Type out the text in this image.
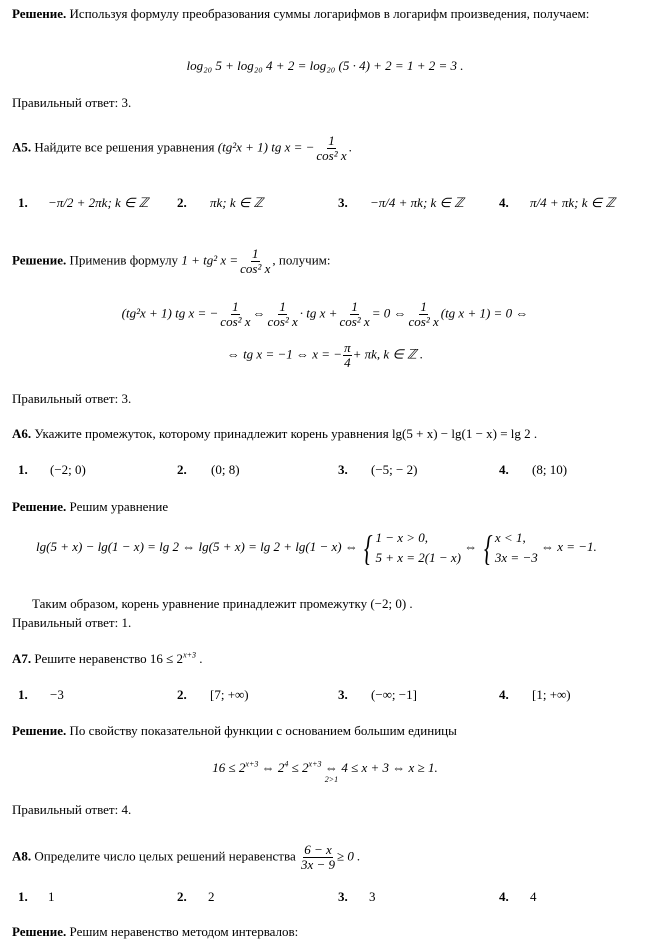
Решение. Используя формулу преобразования суммы логарифмов в логарифм произведения, получаем:
log₂₀ 5 + log₂₀ 4 + 2 = log₂₀ (5 · 4) + 2 = 1 + 2 = 3 .
Правильный ответ: 3.
А5. Найдите все решения уравнения (tg²x + 1) tg x = − $\frac{1}{\text{cos² x}}$ .
1. −π/2 + 2πk; k ∈ ℤ 2. πk; k ∈ ℤ	3. −π/4 + πk; k ∈ ℤ	4. π/4 + πk; k ∈ ℤ
Решение. Применив формулу 1 + tg² $x = \frac{1}{\text{cos² x}}$ , получим:
(tg²x + 1) tg x = − $\frac{1}{\text{cos² x}}$ ⇔ $\frac{1}{\text{cos² x}}$ · tg $x + \frac{1}{\text{cos² x}} = 0$ ⇔ $\frac{1}{\text{cos² x}} (tg$ x + 1) = 0 ⇔
⇔ tg x = −1 ⇔ x = − $\frac{\pi}{4} + \pi k$, k ∈ ℤ .
Правильный ответ: 3.
А6. Укажите промежуток, которому принадлежит корень уравнения lg(5 + x) − lg(1 − x) = lg 2 .
1. (−2; 0)	2. (0; 8)	3. (−5; − 2)	4. (8; 10)
Решение. Решим уравнение
lg(5 + x) − lg(1 − x) = lg 2 ⇔ lg(5 + x) = lg 2 + lg(1 − x) ⇔ { 1 − x > 0,
5 + x = 2(1 − x)
⇔ { x < 1,
3x = −3
⇔ x = −1.
Таким образом, корень уравнение принадлежит промежутку (−2; 0) .
Правильный ответ: 1.
А7. Решите неравенство $16 \le 2^{x+3}$ .
1. −3	2. [7; +∞)	3. (−∞; −1]	4. [1; +∞)
Решение. По свойству показательной функции с основанием большим единицы
$16 \le 2^{x+3}$ ⇔ $2^4 \le 2^{x+3}$ ⇔
2>1
4 ≤ x + 3 ⇔ x ≥ 1.
Правильный ответ: 4.
А8. Определите число целых решений неравенства $\frac{6 - x}{3x - 9} \ge 0$ .
1. 1	2. 2	3. 3	4. 4
Решение. Решим неравенство методом интервалов:
